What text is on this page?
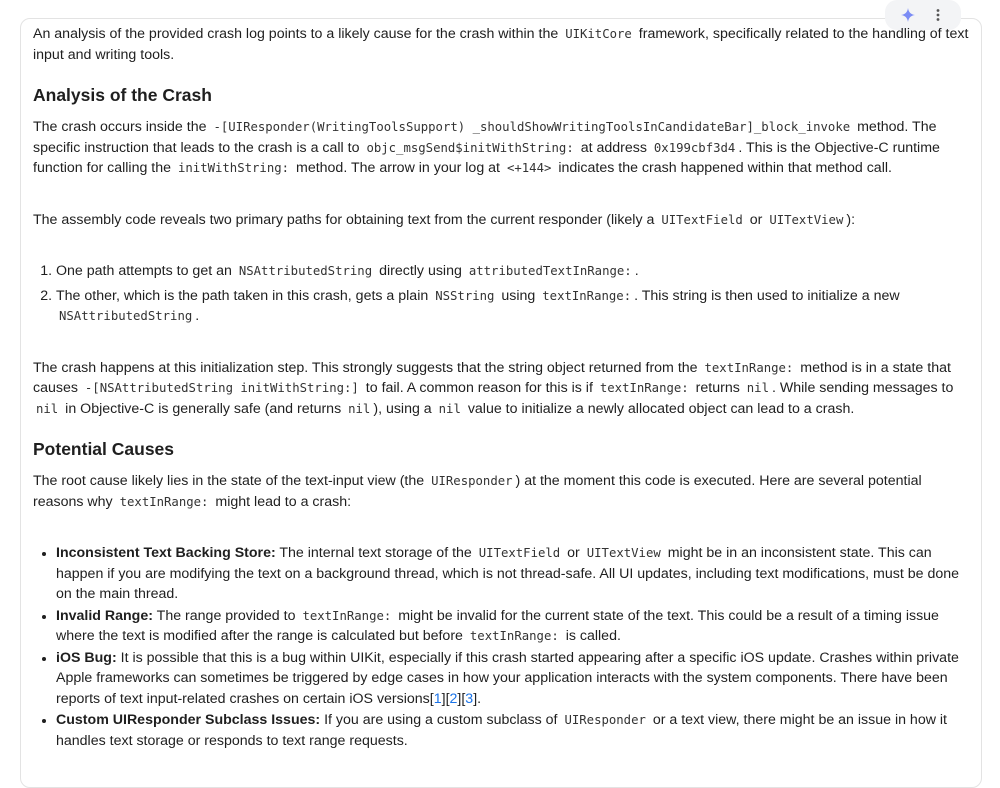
An analysis of the provided crash log points to a likely cause for the crash within the UIKitCore framework, specifically related to the handling of text input and writing tools.

Analysis of the Crash

The crash occurs inside the -[UIResponder(WritingToolsSupport) _shouldShowWritingToolsInCandidateBar]_block_invoke method. The specific instruction that leads to the crash is a call to objc_msgSend$initWithString: at address 0x199cbf3d4 . This is the Objective-C runtime function for calling the initWithString: method. The arrow in your log at <+144> indicates the crash happened within that method call.

The assembly code reveals two primary paths for obtaining text from the current responder (likely a UITextField or UITextView ):

1. One path attempts to get an NSAttributedString directly using attributedTextInRange: .
2. The other, which is the path taken in this crash, gets a plain NSString using textInRange: . This string is then used to initialize a new NSAttributedString .

The crash happens at this initialization step. This strongly suggests that the string object returned from the textInRange: method is in a state that causes -[NSAttributedString initWithString:] to fail. A common reason for this is if textInRange: returns nil . While sending messages to nil in Objective-C is generally safe (and returns nil ), using a nil value to initialize a newly allocated object can lead to a crash.

Potential Causes

The root cause likely lies in the state of the text-input view (the UIResponder ) at the moment this code is executed. Here are several potential reasons why textInRange: might lead to a crash:

• Inconsistent Text Backing Store: The internal text storage of the UITextField or UITextView might be in an inconsistent state. This can happen if you are modifying the text on a background thread, which is not thread-safe. All UI updates, including text modifications, must be done on the main thread.
• Invalid Range: The range provided to textInRange: might be invalid for the current state of the text. This could be a result of a timing issue where the text is modified after the range is calculated but before textInRange: is called.
• iOS Bug: It is possible that this is a bug within UIKit, especially if this crash started appearing after a specific iOS update. Crashes within private Apple frameworks can sometimes be triggered by edge cases in how your application interacts with the system components. There have been reports of text input-related crashes on certain iOS versions[1][2][3].
• Custom UIResponder Subclass Issues: If you are using a custom subclass of UIResponder or a text view, there might be an issue in how it handles text storage or responds to text range requests.
